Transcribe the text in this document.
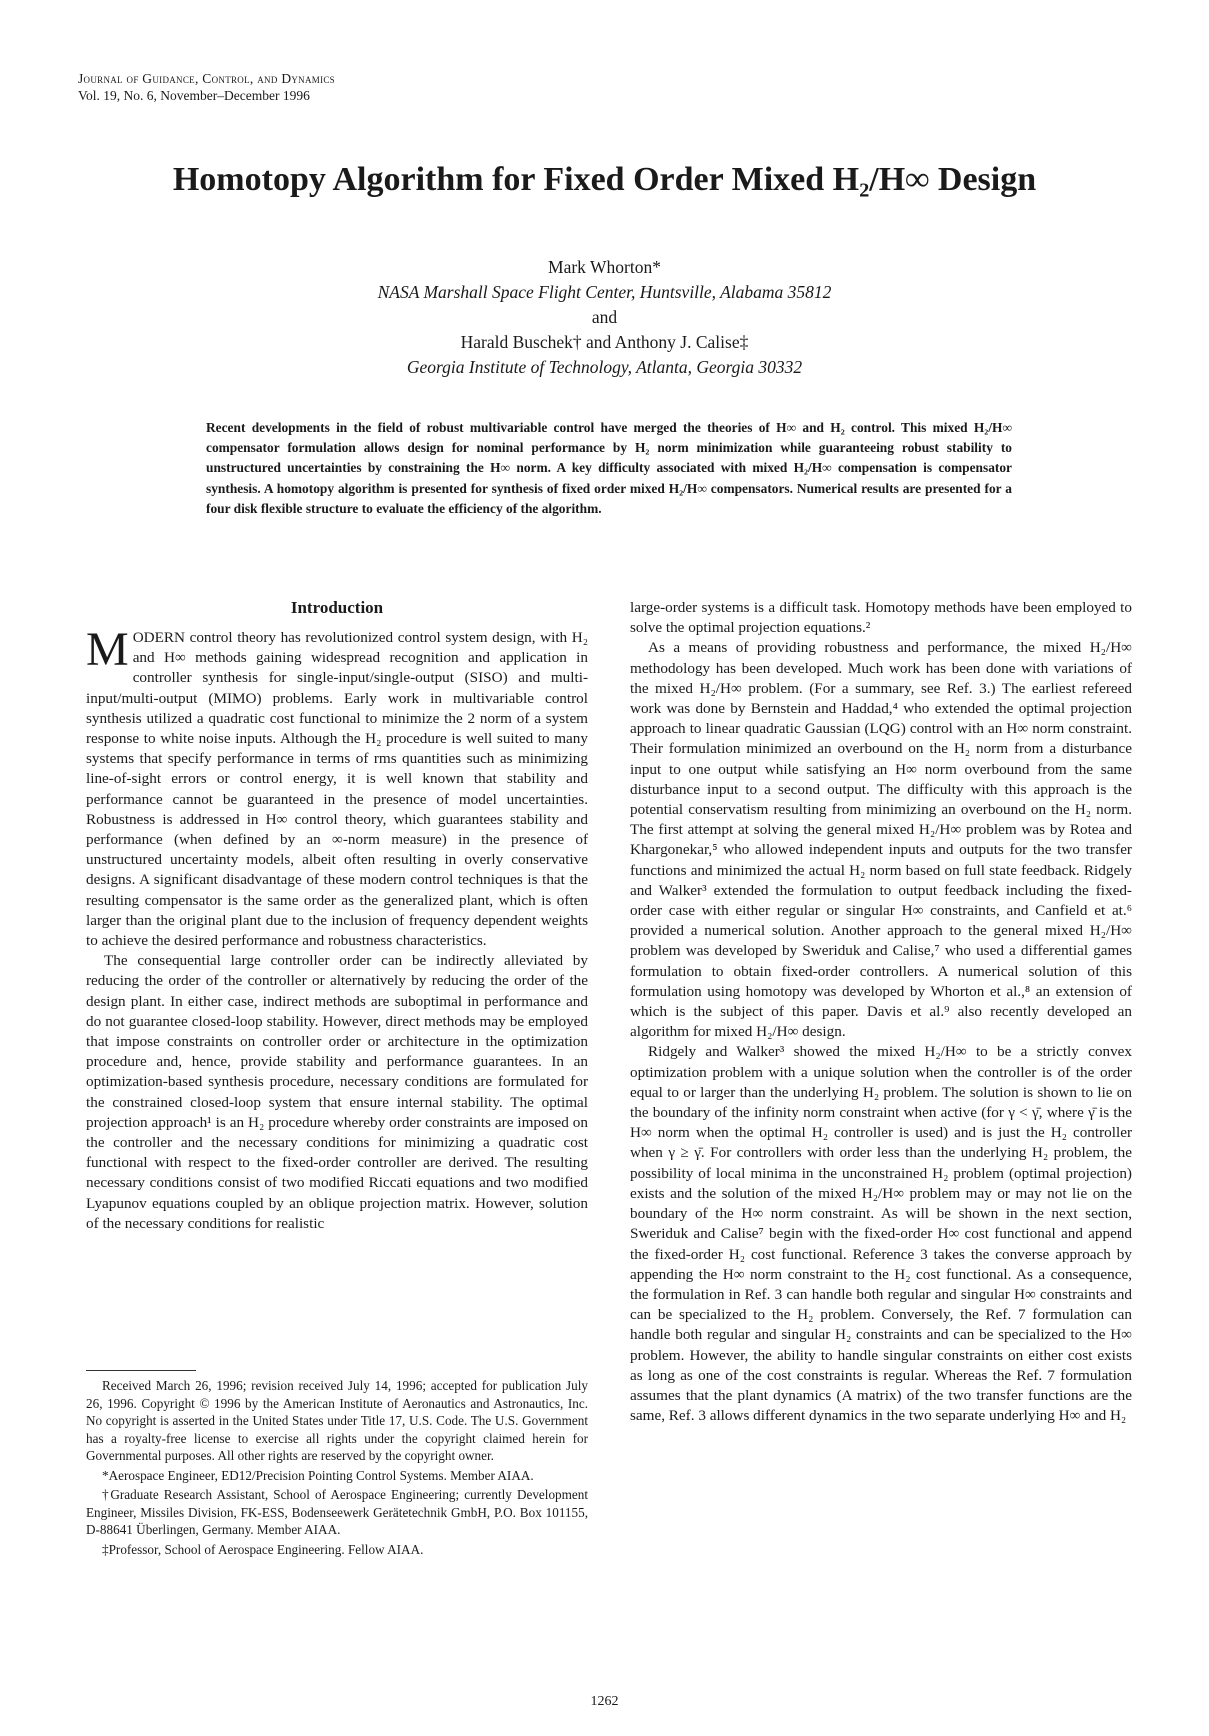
Journal of Guidance, Control, and Dynamics
Vol. 19, No. 6, November–December 1996
Homotopy Algorithm for Fixed Order Mixed H₂/H∞ Design
Mark Whorton*
NASA Marshall Space Flight Center, Huntsville, Alabama 35812
and
Harald Buschek† and Anthony J. Calise‡
Georgia Institute of Technology, Atlanta, Georgia 30332

Recent developments in the field of robust multivariable control have merged the theories of H∞ and H₂ control. This mixed H₂/H∞ compensator formulation allows design for nominal performance by H₂ norm minimization while guaranteeing robust stability to unstructured uncertainties by constraining the H∞ norm. A key difficulty associated with mixed H₂/H∞ compensation is compensator synthesis. A homotopy algorithm is presented for synthesis of fixed order mixed H₂/H∞ compensators. Numerical results are presented for a four disk flexible structure to evaluate the efficiency of the algorithm.

Introduction

MODERN control theory has revolutionized control system design, with H₂ and H∞ methods gaining widespread recognition and application in controller synthesis for single-input/single-output (SISO) and multi-input/multi-output (MIMO) problems. Early work in multivariable control synthesis utilized a quadratic cost functional to minimize the 2 norm of a system response to white noise inputs. Although the H₂ procedure is well suited to many systems that specify performance in terms of rms quantities such as minimizing line-of-sight errors or control energy, it is well known that stability and performance cannot be guaranteed in the presence of model uncertainties. Robustness is addressed in H∞ control theory, which guarantees stability and performance (when defined by an ∞-norm measure) in the presence of unstructured uncertainty models, albeit often resulting in overly conservative designs. A significant disadvantage of these modern control techniques is that the resulting compensator is the same order as the generalized plant, which is often larger than the original plant due to the inclusion of frequency dependent weights to achieve the desired performance and robustness characteristics.

The consequential large controller order can be indirectly alleviated by reducing the order of the controller or alternatively by reducing the order of the design plant. In either case, indirect methods are suboptimal in performance and do not guarantee closed-loop stability. However, direct methods may be employed that impose constraints on controller order or architecture in the optimization procedure and, hence, provide stability and performance guarantees. In an optimization-based synthesis procedure, necessary conditions are formulated for the constrained closed-loop system that ensure internal stability. The optimal projection approach¹ is an H₂ procedure whereby order constraints are imposed on the controller and the necessary conditions for minimizing a quadratic cost functional with respect to the fixed-order controller are derived. The resulting necessary conditions consist of two modified Riccati equations and two modified Lyapunov equations coupled by an oblique projection matrix. However, solution of the necessary conditions for realistic

large-order systems is a difficult task. Homotopy methods have been employed to solve the optimal projection equations.²

As a means of providing robustness and performance, the mixed H₂/H∞ methodology has been developed. Much work has been done with variations of the mixed H₂/H∞ problem. (For a summary, see Ref. 3.) The earliest refereed work was done by Bernstein and Haddad,⁴ who extended the optimal projection approach to linear quadratic Gaussian (LQG) control with an H∞ norm constraint. Their formulation minimized an overbound on the H₂ norm from a disturbance input to one output while satisfying an H∞ norm overbound from the same disturbance input to a second output. The difficulty with this approach is the potential conservatism resulting from minimizing an overbound on the H₂ norm. The first attempt at solving the general mixed H₂/H∞ problem was by Rotea and Khargonekar,⁵ who allowed independent inputs and outputs for the two transfer functions and minimized the actual H₂ norm based on full state feedback. Ridgely and Walker³ extended the formulation to output feedback including the fixed-order case with either regular or singular H∞ constraints, and Canfield et at.⁶ provided a numerical solution. Another approach to the general mixed H₂/H∞ problem was developed by Sweriduk and Calise,⁷ who used a differential games formulation to obtain fixed-order controllers. A numerical solution of this formulation using homotopy was developed by Whorton et al.,⁸ an extension of which is the subject of this paper. Davis et al.⁹ also recently developed an algorithm for mixed H₂/H∞ design.

Ridgely and Walker³ showed the mixed H₂/H∞ to be a strictly convex optimization problem with a unique solution when the controller is of the order equal to or larger than the underlying H₂ problem. The solution is shown to lie on the boundary of the infinity norm constraint when active (for γ < γ̄, where γ̄ is the H∞ norm when the optimal H₂ controller is used) and is just the H₂ controller when γ ≥ γ̄. For controllers with order less than the underlying H₂ problem, the possibility of local minima in the unconstrained H₂ problem (optimal projection) exists and the solution of the mixed H₂/H∞ problem may or may not lie on the boundary of the H∞ norm constraint. As will be shown in the next section, Sweriduk and Calise⁷ begin with the fixed-order H∞ cost functional and append the fixed-order H₂ cost functional. Reference 3 takes the converse approach by appending the H∞ norm constraint to the H₂ cost functional. As a consequence, the formulation in Ref. 3 can handle both regular and singular H∞ constraints and can be specialized to the H₂ problem. Conversely, the Ref. 7 formulation can handle both regular and singular H₂ constraints and can be specialized to the H∞ problem. However, the ability to handle singular constraints on either cost exists as long as one of the cost constraints is regular. Whereas the Ref. 7 formulation assumes that the plant dynamics (A matrix) of the two transfer functions are the same, Ref. 3 allows different dynamics in the two separate underlying H∞ and H₂

Received March 26, 1996; revision received July 14, 1996; accepted for publication July 26, 1996. Copyright © 1996 by the American Institute of Aeronautics and Astronautics, Inc. No copyright is asserted in the United States under Title 17, U.S. Code. The U.S. Government has a royalty-free license to exercise all rights under the copyright claimed herein for Governmental purposes. All other rights are reserved by the copyright owner.

*Aerospace Engineer, ED12/Precision Pointing Control Systems. Member AIAA.

†Graduate Research Assistant, School of Aerospace Engineering; currently Development Engineer, Missiles Division, FK-ESS, Bodenseewerk Gerätetechnik GmbH, P.O. Box 101155, D-88641 Überlingen, Germany. Member AIAA.

‡Professor, School of Aerospace Engineering. Fellow AIAA.

1262
